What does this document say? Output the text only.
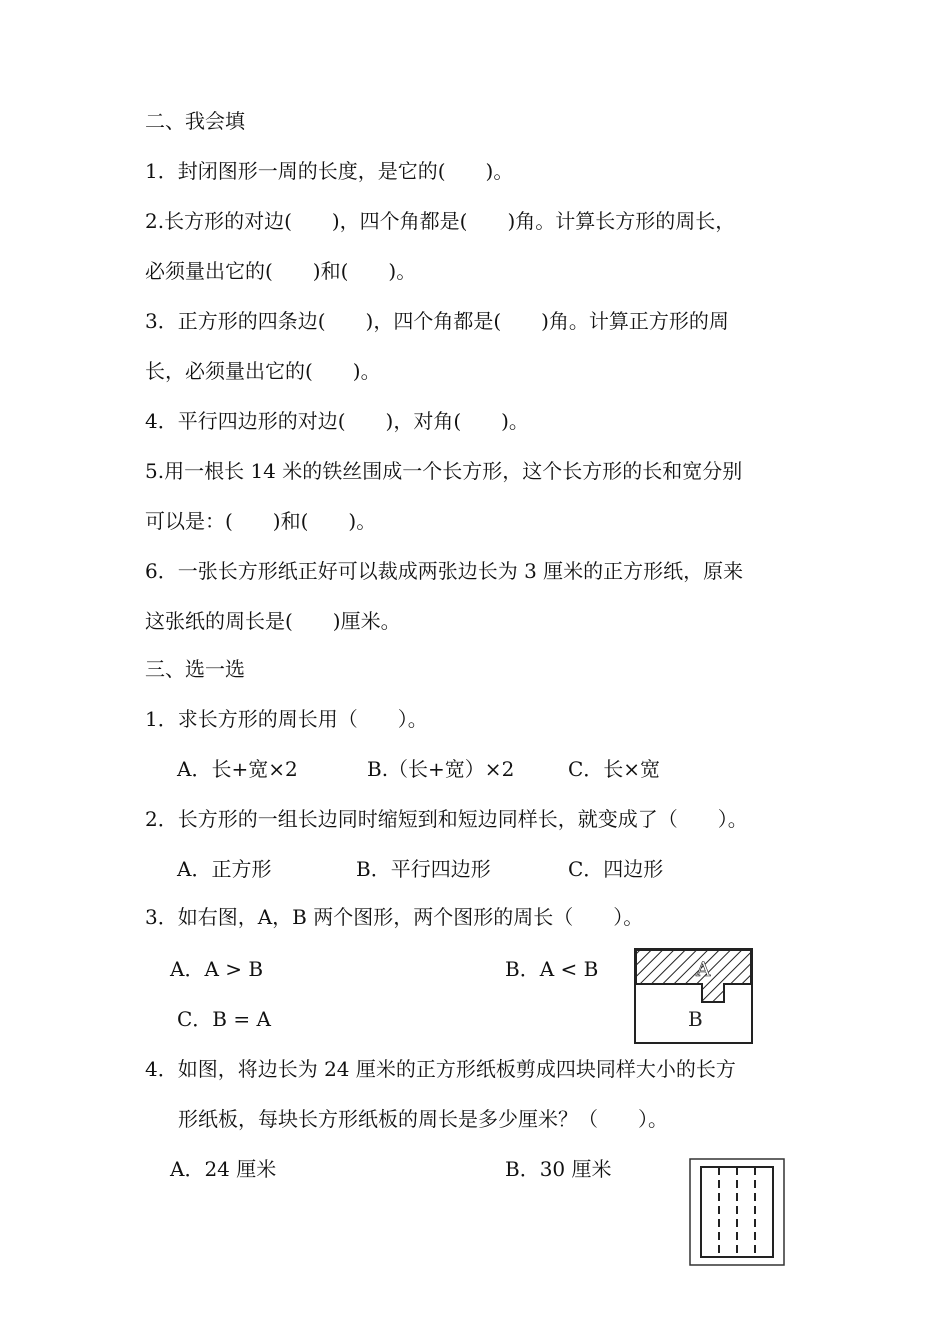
二、我会填
1．封闭图形一周的长度，是它的(　　)。
2.长方形的对边(　　)，四个角都是(　　)角。计算长方形的周长，
必须量出它的(　　)和(　　)。
3．正方形的四条边(　　)，四个角都是(　　)角。计算正方形的周
长，必须量出它的(　　)。
4．平行四边形的对边(　　)，对角(　　)。
5.用一根长 14 米的铁丝围成一个长方形，这个长方形的长和宽分别
可以是：(　　)和(　　)。
6．一张长方形纸正好可以裁成两张边长为 3 厘米的正方形纸，原来
这张纸的周长是(　　)厘米。
三、选一选
1．求长方形的周长用（　　）。
A．长+宽×2	B.（长+宽）×2	C．长×宽
2．长方形的一组长边同时缩短到和短边同样长，就变成了（　　）。
A．正方形	B．平行四边形	C．四边形
3．如右图，A，B 两个图形，两个图形的周长（　　）。
A．A > B	B．A < B
C．B = A
A
B
4．如图，将边长为 24 厘米的正方形纸板剪成四块同样大小的长方
形纸板，每块长方形纸板的周长是多少厘米？（　　）。
A．24 厘米	B．30 厘米
